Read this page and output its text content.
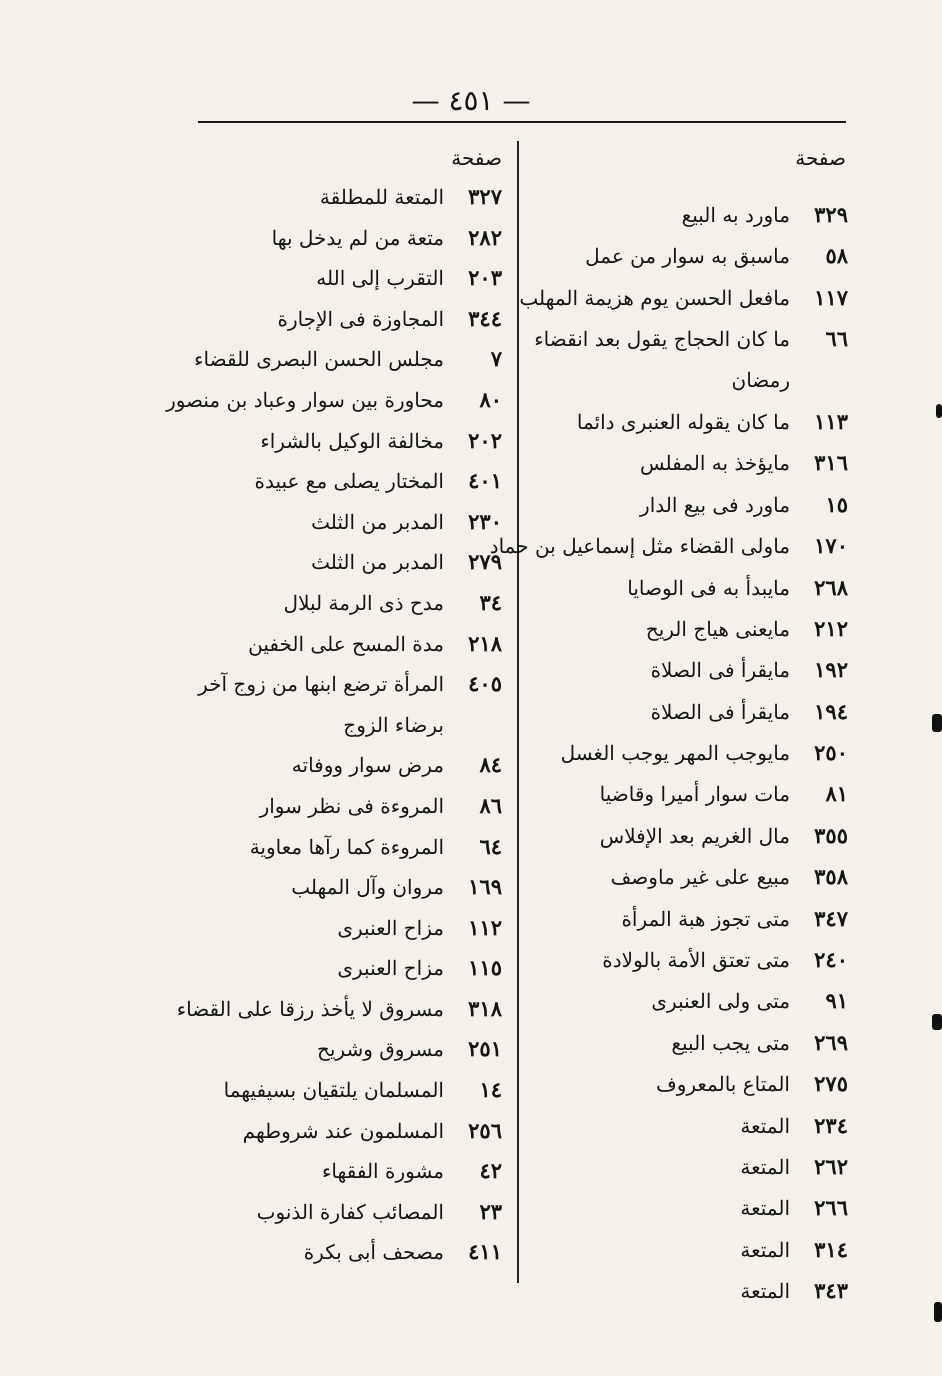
— ٤٥١ —
صفحة
صفحة
٣٢٩
ماورد به البيع
٥٨
ماسبق به سوار من عمل
١١٧
مافعل الحسن يوم هزيمة المهلب
٦٦
ما كان الحجاج يقول بعد انقضاء
رمضان
١١٣
ما كان يقوله العنبرى دائما
٣١٦
مايؤخذ به المفلس
١٥
ماورد فى بيع الدار
١٧٠
ماولى القضاء مثل إسماعيل بن حماد
٢٦٨
مايبدأ به فى الوصايا
٢١٢
مايعنى هياج الريح
١٩٢
مايقرأ فى الصلاة
١٩٤
مايقرأ فى الصلاة
٢٥٠
مايوجب المهر يوجب الغسل
٨١
مات سوار أميرا وقاضيا
٣٥٥
مال الغريم بعد الإفلاس
٣٥٨
مبيع على غير ماوصف
٣٤٧
متى تجوز هبة المرأة
٢٤٠
متى تعتق الأمة بالولادة
٩١
متى ولى العنبرى
٢٦٩
متى يجب البيع
٢٧٥
المتاع بالمعروف
٢٣٤
المتعة
٢٦٢
المتعة
٢٦٦
المتعة
٣١٤
المتعة
٣٤٣
المتعة
٣٢٧
المتعة للمطلقة
٢٨٢
متعة من لم يدخل بها
٢٠٣
التقرب إلى الله
٣٤٤
المجاوزة فى الإجارة
٧
مجلس الحسن البصرى للقضاء
٨٠
محاورة بين سوار وعباد بن منصور
٢٠٢
مخالفة الوكيل بالشراء
٤٠١
المختار يصلى مع عبيدة
٢٣٠
المدبر من الثلث
٢٧٩
المدبر من الثلث
٣٤
مدح ذى الرمة لبلال
٢١٨
مدة المسح على الخفين
٤٠٥
المرأة ترضع ابنها من زوج آخر
برضاء الزوج
٨٤
مرض سوار ووفاته
٨٦
المروءة فى نظر سوار
٦٤
المروءة كما رآها معاوية
١٦٩
مروان وآل المهلب
١١٢
مزاح العنبرى
١١٥
مزاح العنبرى
٣١٨
مسروق لا يأخذ رزقا على القضاء
٢٥١
مسروق وشريح
١٤
المسلمان يلتقيان بسيفيهما
٢٥٦
المسلمون عند شروطهم
٤٢
مشورة الفقهاء
٢٣
المصائب كفارة الذنوب
٤١١
مصحف أبى بكرة
